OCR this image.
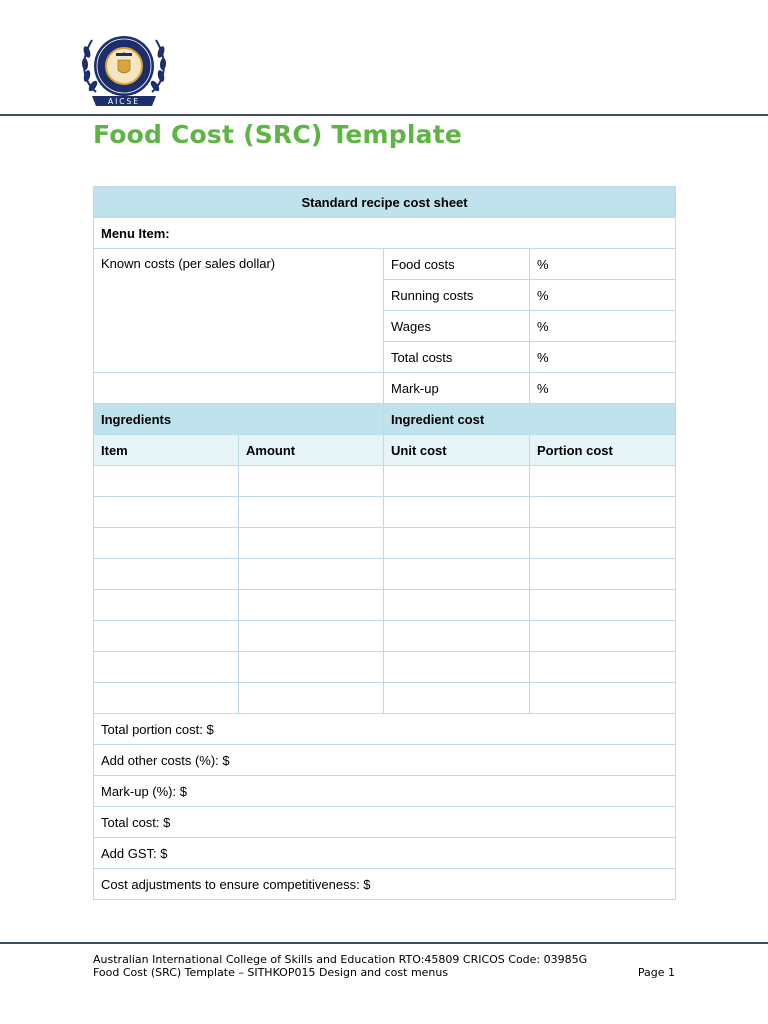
AICSE
Food Cost (SRC) Template
Standard recipe cost sheet			
Menu Item:			
Known costs (per sales dollar)		Food costs	%
		Running costs	%
		Wages	%
		Total costs	%
		Mark-up	%
Ingredients		Ingredient cost	
Item	Amount	Unit cost	Portion cost

Total portion cost: $			
Add other costs (%): $			
Mark-up (%): $			
Total cost: $			
Add GST: $			
Cost adjustments to ensure competitiveness: $			
Australian International College of Skills and Education RTO:45809 CRICOS Code: 03985G
Food Cost (SRC) Template – SITHKOP015 Design and cost menus	Page 1
